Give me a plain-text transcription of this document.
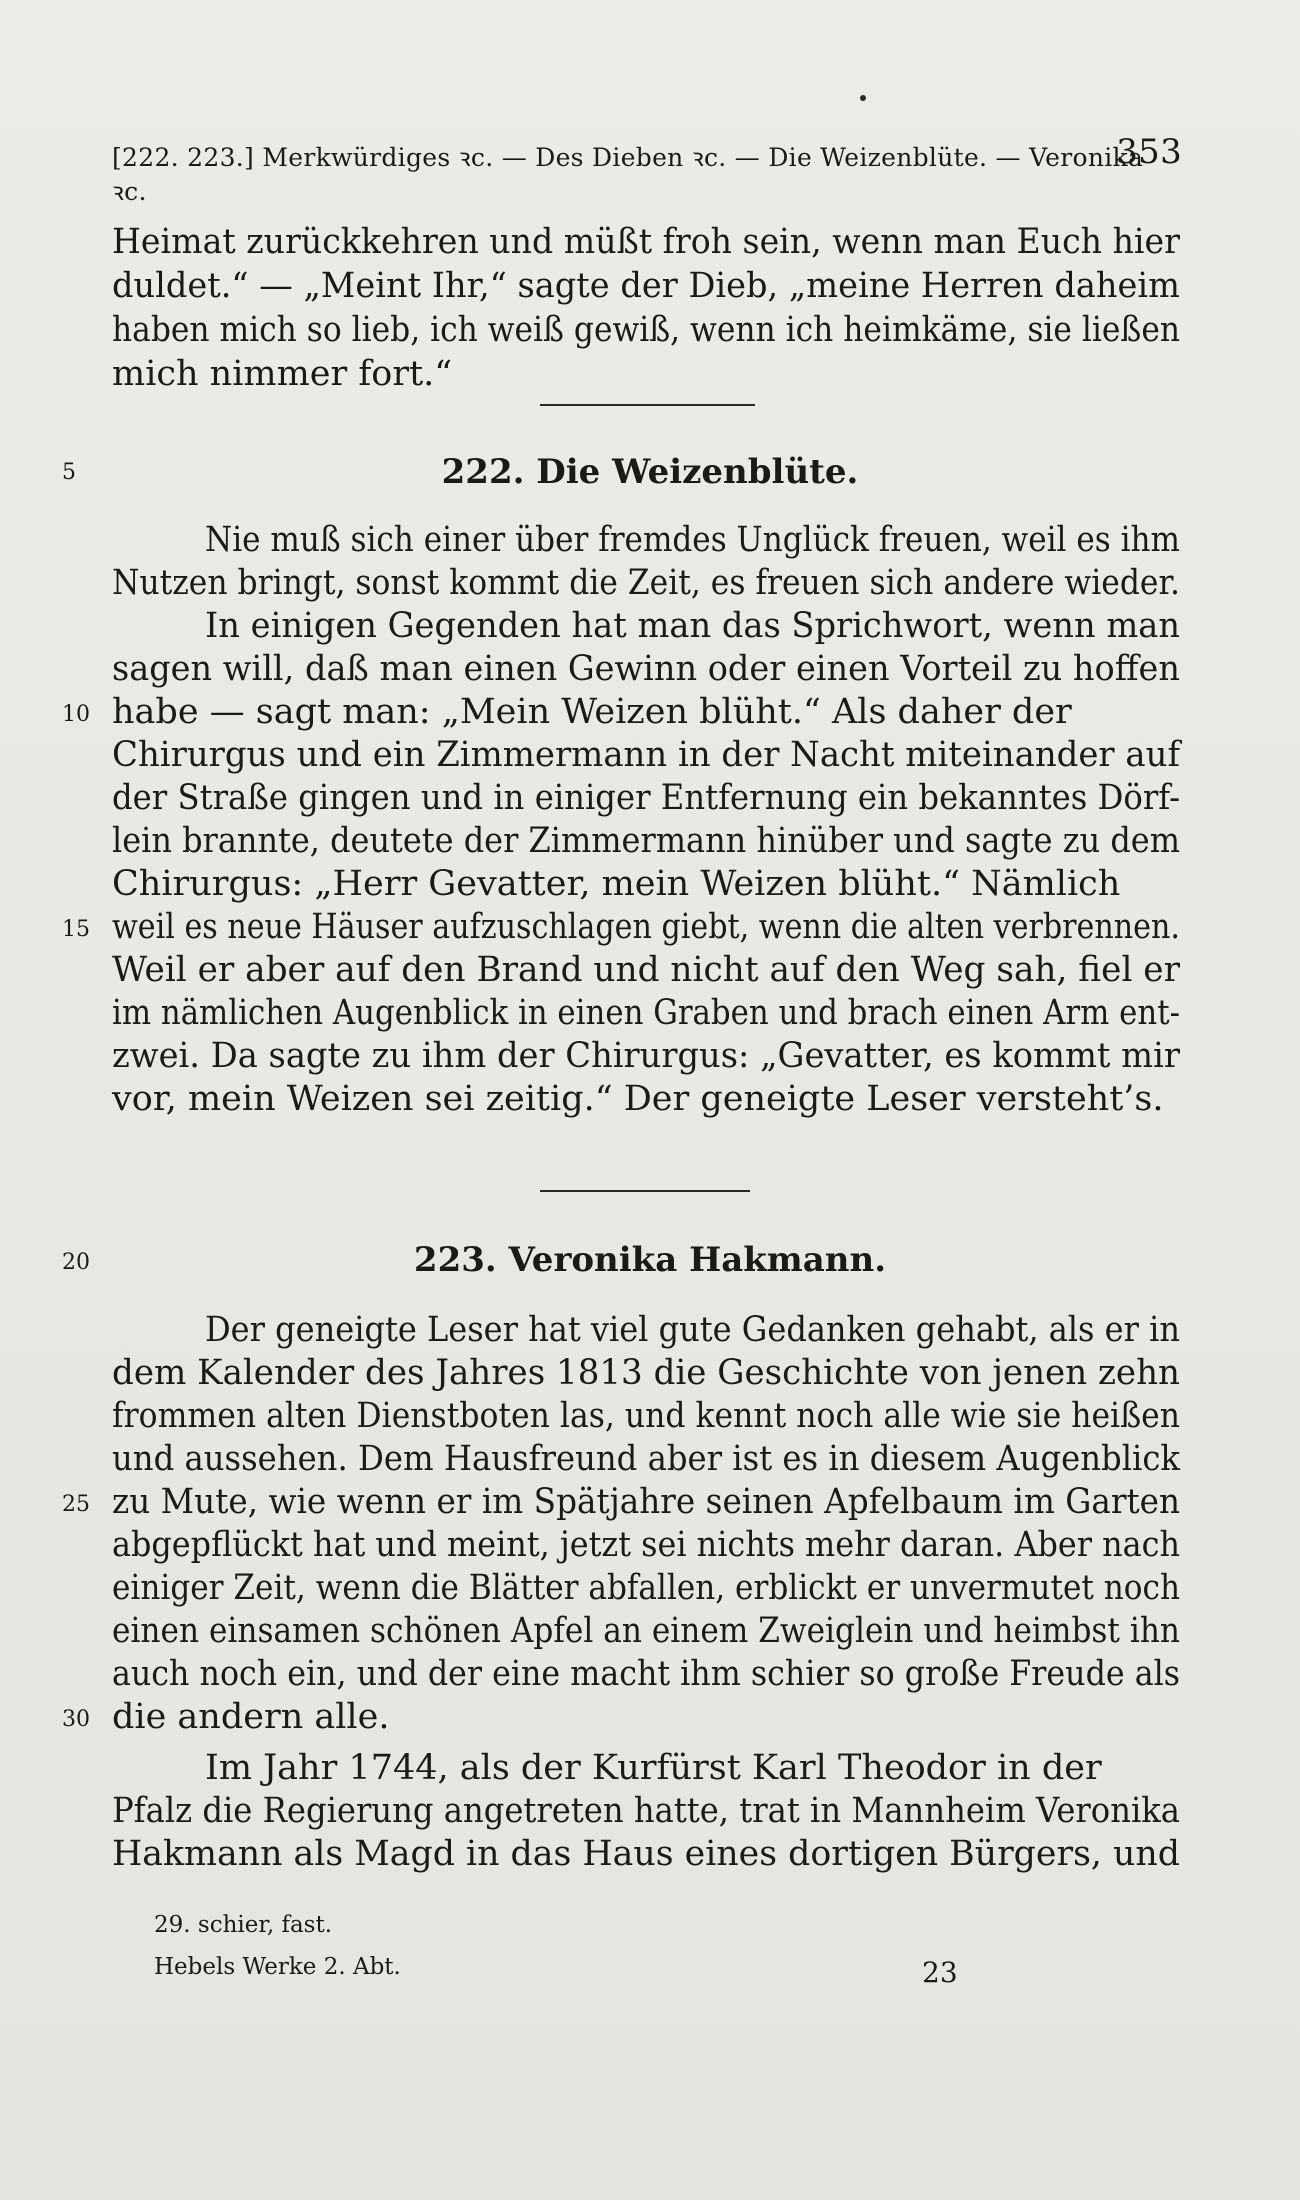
[222. 223.] Merkwürdiges ꝛc. — Des Dieben ꝛc. — Die Weizenblüte. — Veronika ꝛc.
353
Heimat zurückkehren und müßt froh sein, wenn man Euch hier
duldet.“ — „Meint Ihr,“ sagte der Dieb, „meine Herren daheim
haben mich so lieb, ich weiß gewiß, wenn ich heimkäme, sie ließen
mich nimmer fort.“
5	222. Die Weizenblüte.
Nie muß sich einer über fremdes Unglück freuen, weil es ihm
Nutzen bringt, sonst kommt die Zeit, es freuen sich andere wieder.
In einigen Gegenden hat man das Sprichwort, wenn man
sagen will, daß man einen Gewinn oder einen Vorteil zu hoffen
10 habe — sagt man: „Mein Weizen blüht.“ Als daher der
Chirurgus und ein Zimmermann in der Nacht miteinander auf
der Straße gingen und in einiger Entfernung ein bekanntes Dörf-
lein brannte, deutete der Zimmermann hinüber und sagte zu dem
Chirurgus: „Herr Gevatter, mein Weizen blüht.“ Nämlich
15 weil es neue Häuser aufzuschlagen giebt, wenn die alten verbrennen.
Weil er aber auf den Brand und nicht auf den Weg sah, fiel er
im nämlichen Augenblick in einen Graben und brach einen Arm ent-
zwei. Da sagte zu ihm der Chirurgus: „Gevatter, es kommt mir
vor, mein Weizen sei zeitig.“ Der geneigte Leser versteht’s.
20	223. Veronika Hakmann.
Der geneigte Leser hat viel gute Gedanken gehabt, als er in
dem Kalender des Jahres 1813 die Geschichte von jenen zehn
frommen alten Dienstboten las, und kennt noch alle wie sie heißen
und aussehen. Dem Hausfreund aber ist es in diesem Augenblick
25 zu Mute, wie wenn er im Spätjahre seinen Apfelbaum im Garten
abgepflückt hat und meint, jetzt sei nichts mehr daran. Aber nach
einiger Zeit, wenn die Blätter abfallen, erblickt er unvermutet noch
einen einsamen schönen Apfel an einem Zweiglein und heimbst ihn
auch noch ein, und der eine macht ihm schier so große Freude als
30 die andern alle.
Im Jahr 1744, als der Kurfürst Karl Theodor in der
Pfalz die Regierung angetreten hatte, trat in Mannheim Veronika
Hakmann als Magd in das Haus eines dortigen Bürgers, und
29. schier, fast.
Hebels Werke 2. Abt.	23
